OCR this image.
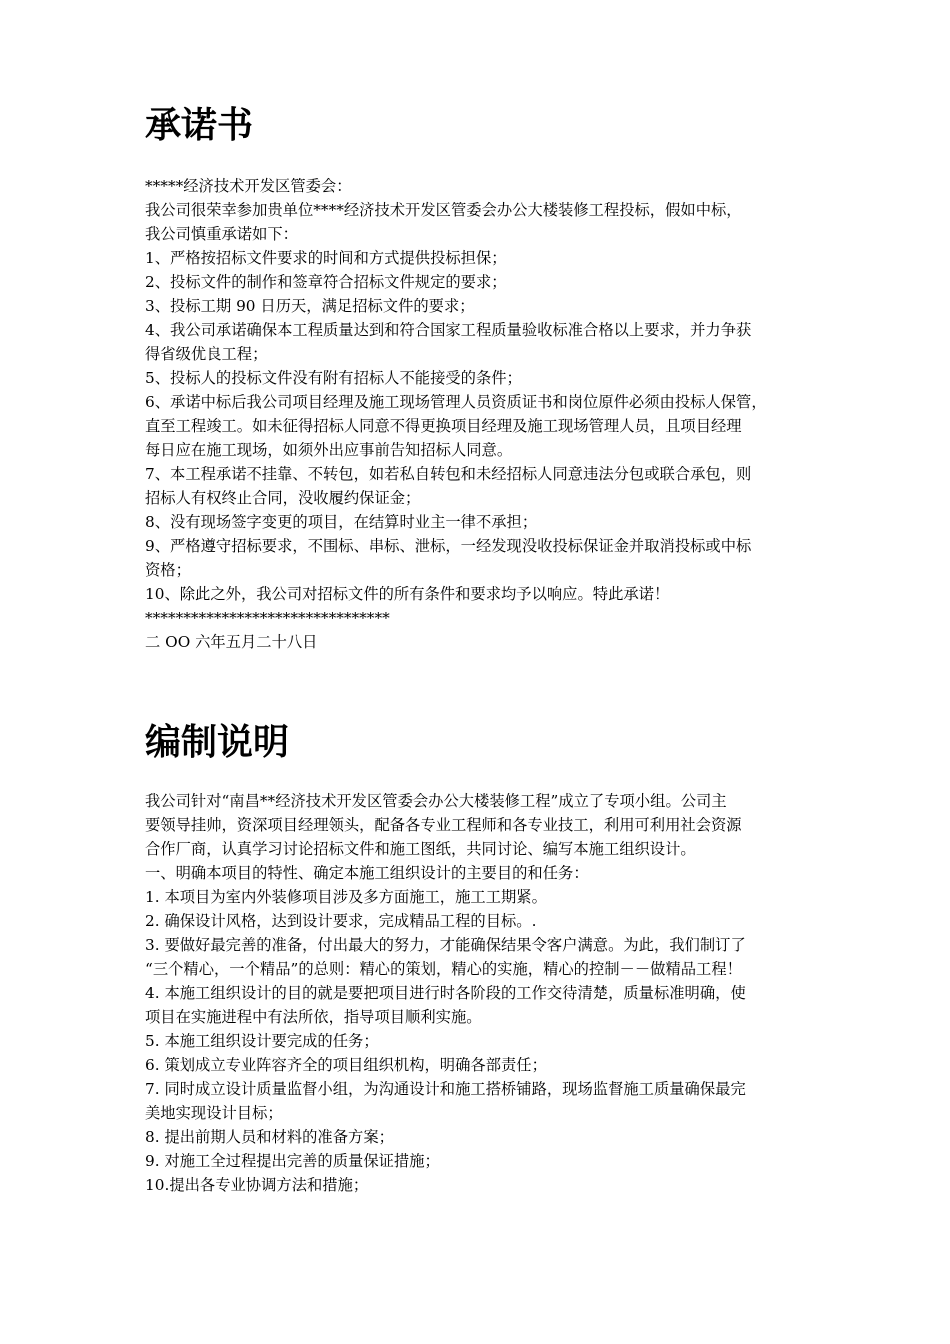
承诺书
*****经济技术开发区管委会：
我公司很荣幸参加贵单位****经济技术开发区管委会办公大楼装修工程投标，假如中标，
我公司慎重承诺如下：
1、严格按招标文件要求的时间和方式提供投标担保；
2、投标文件的制作和签章符合招标文件规定的要求；
3、投标工期 90 日历天，满足招标文件的要求；
4、我公司承诺确保本工程质量达到和符合国家工程质量验收标准合格以上要求，并力争获
得省级优良工程；
5、投标人的投标文件没有附有招标人不能接受的条件；
6、承诺中标后我公司项目经理及施工现场管理人员资质证书和岗位原件必须由投标人保管，
直至工程竣工。如未征得招标人同意不得更换项目经理及施工现场管理人员，且项目经理
每日应在施工现场，如须外出应事前告知招标人同意。
7、本工程承诺不挂靠、不转包，如若私自转包和未经招标人同意违法分包或联合承包，则
招标人有权终止合同，没收履约保证金；
8、没有现场签字变更的项目，在结算时业主一律不承担；
9、严格遵守招标要求，不围标、串标、泄标，一经发现没收投标保证金并取消投标或中标
资格；
10、除此之外，我公司对招标文件的所有条件和要求均予以响应。特此承诺！
********************************
二 OO 六年五月二十八日
编制说明
我公司针对“南昌**经济技术开发区管委会办公大楼装修工程”成立了专项小组。公司主
要领导挂帅，资深项目经理领头，配备各专业工程师和各专业技工，利用可利用社会资源
合作厂商，认真学习讨论招标文件和施工图纸，共同讨论、编写本施工组织设计。
一、明确本项目的特性、确定本施工组织设计的主要目的和任务：
1. 本项目为室内外装修项目涉及多方面施工，施工工期紧。
2. 确保设计风格，达到设计要求，完成精品工程的目标。.
3. 要做好最完善的准备，付出最大的努力，才能确保结果令客户满意。为此，我们制订了
“三个精心，一个精品”的总则：精心的策划，精心的实施，精心的控制－－做精品工程！
4. 本施工组织设计的目的就是要把项目进行时各阶段的工作交待清楚，质量标准明确，使
项目在实施进程中有法所依，指导项目顺利实施。
5. 本施工组织设计要完成的任务；
6. 策划成立专业阵容齐全的项目组织机构，明确各部责任；
7. 同时成立设计质量监督小组，为沟通设计和施工搭桥铺路，现场监督施工质量确保最完
美地实现设计目标；
8. 提出前期人员和材料的准备方案；
9. 对施工全过程提出完善的质量保证措施；
10.提出各专业协调方法和措施；
